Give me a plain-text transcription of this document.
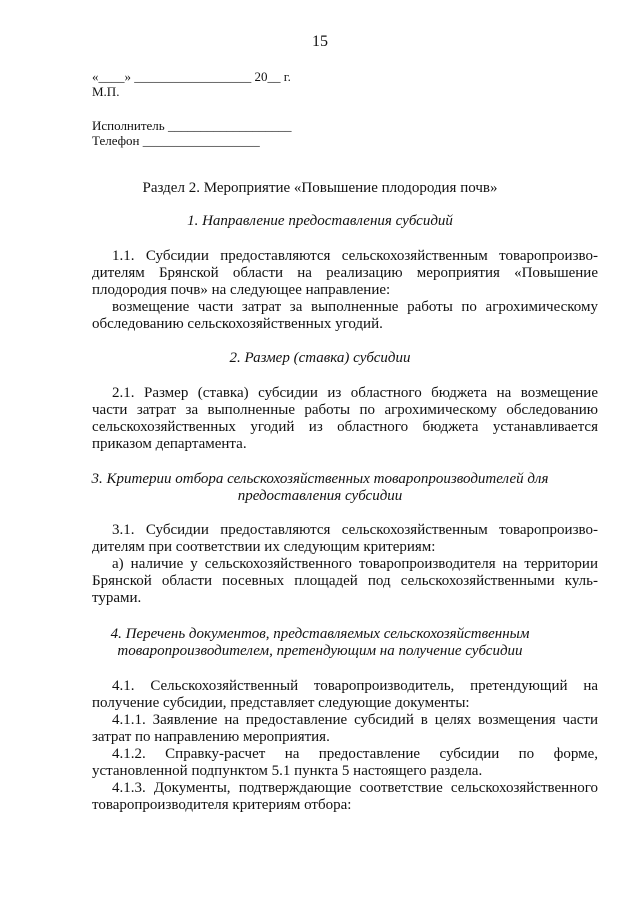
15
«____» __________________ 20__ г.
М.П.
Исполнитель ___________________
Телефон __________________
Раздел 2. Мероприятие «Повышение плодородия почв»
1. Направление предоставления субсидий
1.1. Субсидии предоставляются сельскохозяйственным товаропроизво-
дителям Брянской области на реализацию мероприятия «Повышение
плодородия почв» на следующее направление:
возмещение части затрат за выполненные работы по агрохимическому
обследованию сельскохозяйственных угодий.
2. Размер (ставка) субсидии
2.1. Размер (ставка) субсидии из областного бюджета на возмещение
части затрат за выполненные работы по агрохимическому обследованию
сельскохозяйственных угодий из областного бюджета устанавливается
приказом департамента.
3. Критерии отбора сельскохозяйственных товаропроизводителей для
предоставления субсидии
3.1. Субсидии предоставляются сельскохозяйственным товаропроизво-
дителям при соответствии их следующим критериям:
а) наличие у сельскохозяйственного товаропроизводителя на территории
Брянской области посевных площадей под сельскохозяйственными куль-
турами.
4. Перечень документов, представляемых сельскохозяйственным
товаропроизводителем, претендующим на получение субсидии
4.1. Сельскохозяйственный товаропроизводитель, претендующий на
получение субсидии, представляет следующие документы:
4.1.1. Заявление на предоставление субсидий в целях возмещения части
затрат по направлению мероприятия.
4.1.2. Справку-расчет на предоставление субсидии по форме,
установленной подпунктом 5.1 пункта 5 настоящего раздела.
4.1.3. Документы, подтверждающие соответствие сельскохозяйственного
товаропроизводителя критериям отбора:
